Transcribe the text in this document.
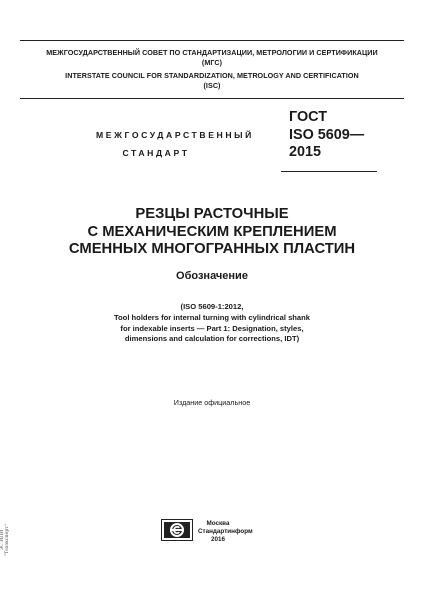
МЕЖГОСУДАРСТВЕННЫЙ СОВЕТ ПО СТАНДАРТИЗАЦИИ, МЕТРОЛОГИИ И СЕРТИФИКАЦИИ
(МГС)
INTERSTATE COUNCIL FOR STANDARDIZATION, METROLOGY AND CERTIFICATION
(ISC)
МЕЖГОСУДАРСТВЕННЫЙ
СТАНДАРТ
ГОСТ
ISO 5609—
2015
РЕЗЦЫ РАСТОЧНЫЕ
С МЕХАНИЧЕСКИМ КРЕПЛЕНИЕМ
СМЕННЫХ МНОГОГРАННЫХ ПЛАСТИН
Обозначение
(ISO 5609-1:2012,
Tool holders for internal turning with cylindrical shank
for indexable inserts — Part 1: Designation, styles,
dimensions and calculation for corrections, IDT)
Издание официальное
Москва
Стандартинформ
2016
ЭС ИПИ "Техэксперт"
